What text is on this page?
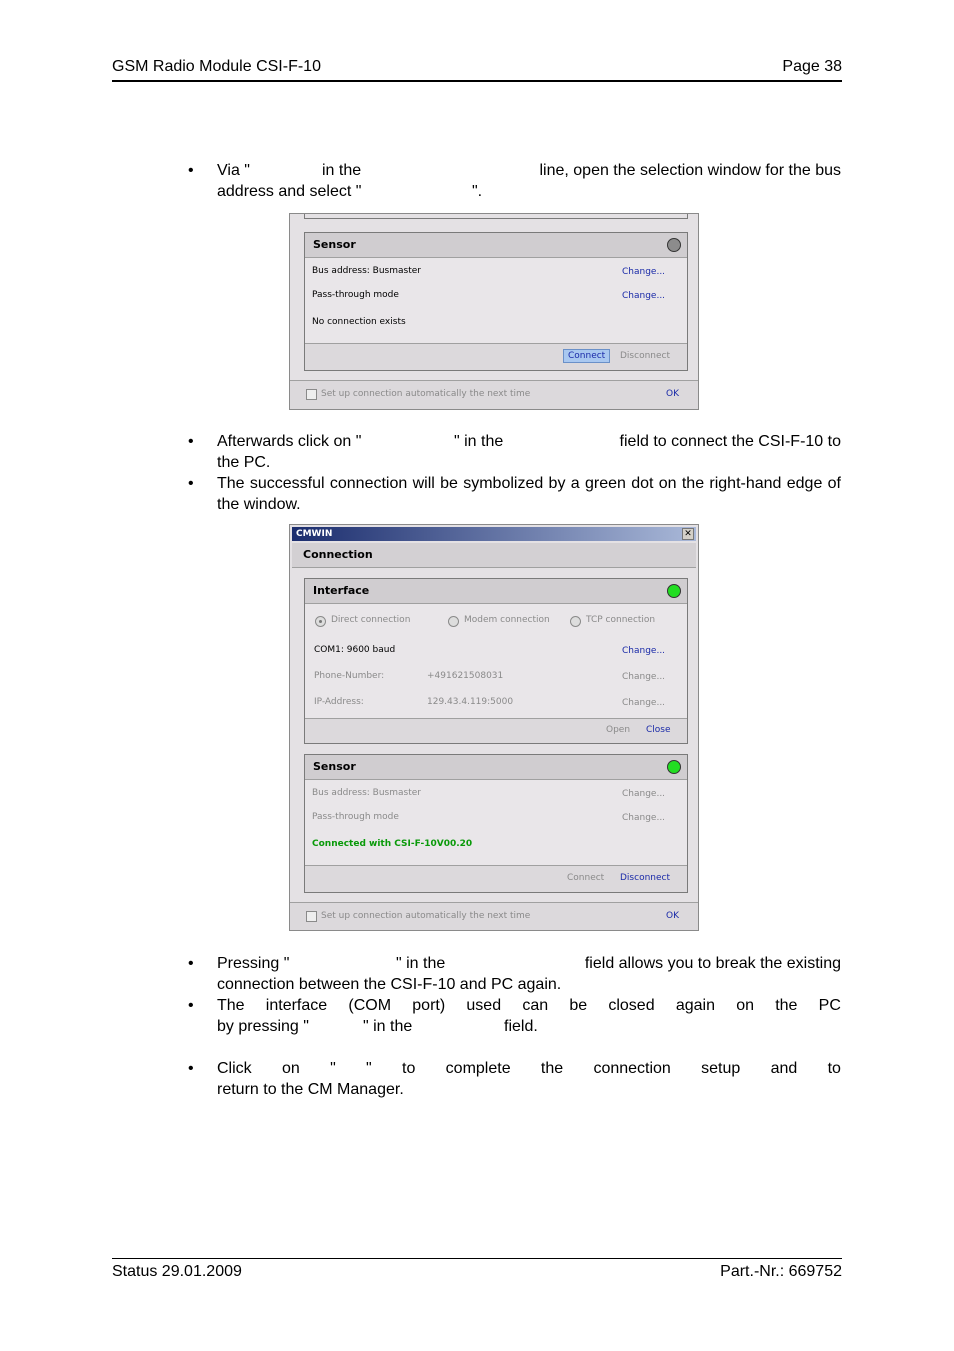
GSM Radio Module CSI-F-10	Page 38
• Via "	in the	line, open the selection window for the bus
address and select "	".
Sensor
Bus address: Busmaster	Change...
Pass-through mode	Change...
No connection exists
Connect	Disconnect
Set up connection automatically the next time	OK
• Afterwards click on "	" in the	field to connect the CSI-F-10 to
the PC.
• The successful connection will be symbolized by a green dot on the right-hand edge of the window.
CMWIN	✕
Connection
Interface
Direct connection	Modem connection	TCP connection
COM1: 9600 baud	Change...
Phone-Number:	+491621508031	Change...
IP-Address:	129.43.4.119:5000	Change...
Open Close
Sensor
Bus address: Busmaster	Change...
Pass-through mode	Change...
Connected with CSI-F-10V00.20
Connect Disconnect
Set up connection automatically the next time	OK
• Pressing "	" in the	field allows you to break the existing
connection between the CSI-F-10 and PC again.
• The interface (COM port) used can be closed again on the PC
by pressing "	" in the	field.
• Click on " " to complete the connection setup and to
return to the CM Manager.
Status 29.01.2009	Part.-Nr.: 669752
